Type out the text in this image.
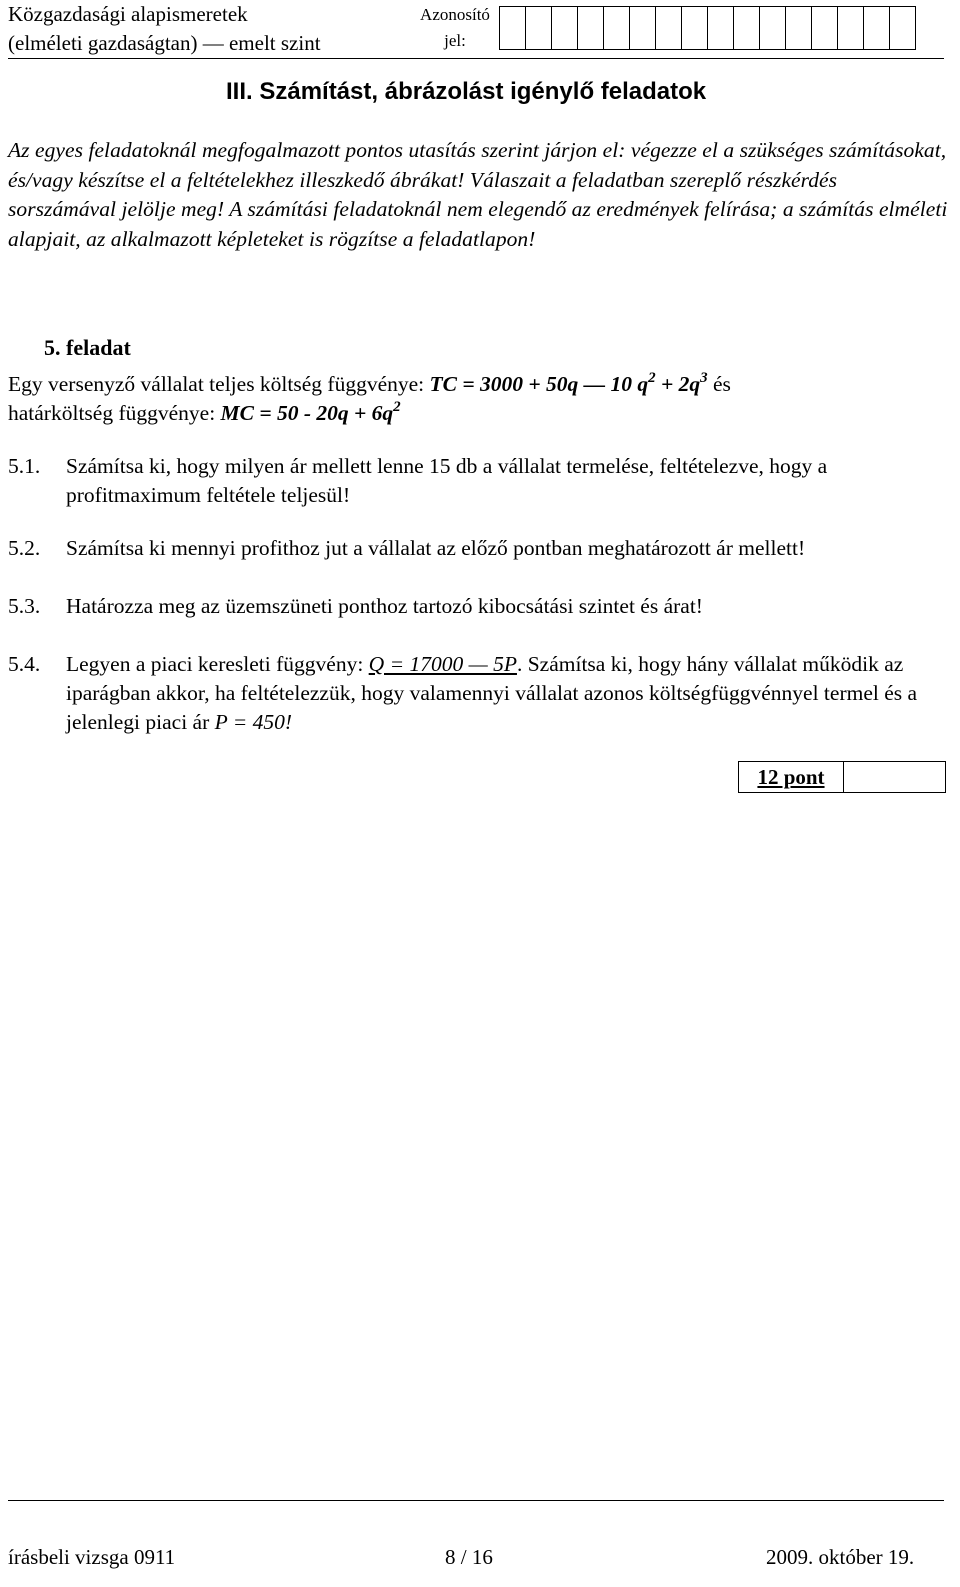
Közgazdasági alapismeretek
(elméleti gazdaságtan) — emelt szint
Azonosító
jel:
III. Számítást, ábrázolást igénylő feladatok
Az egyes feladatoknál megfogalmazott pontos utasítás szerint járjon el: végezze el a szükséges számításokat, és/vagy készítse el a feltételekhez illeszkedő ábrákat! Válaszait a feladatban szereplő részkérdés sorszámával jelölje meg! A számítási feladatoknál nem elegendő az eredmények felírása; a számítás elméleti alapjait, az alkalmazott képleteket is rögzítse a feladatlapon!
5. feladat
Egy versenyző vállalat teljes költség függvénye: TC = 3000 + 50q — 10 $q^2 + 2q^3$ és
határköltség függvénye: MC = $50 - 20q + 6q^2$
5.1. Számítsa ki, hogy milyen ár mellett lenne 15 db a vállalat termelése, feltételezve, hogy a profitmaximum feltétele teljesül!
5.2. Számítsa ki mennyi profithoz jut a vállalat az előző pontban meghatározott ár mellett!
5.3. Határozza meg az üzemszüneti ponthoz tartozó kibocsátási szintet és árat!
5.4. Legyen a piaci keresleti függvény: Q = 17000 — 5P. Számítsa ki, hogy hány vállalat működik az iparágban akkor, ha feltételezzük, hogy valamennyi vállalat azonos költségfüggvénnyel termel és a jelenlegi piaci ár P = 450!
12 pont
írásbeli vizsga 0911	8 / 16	2009. október 19.
